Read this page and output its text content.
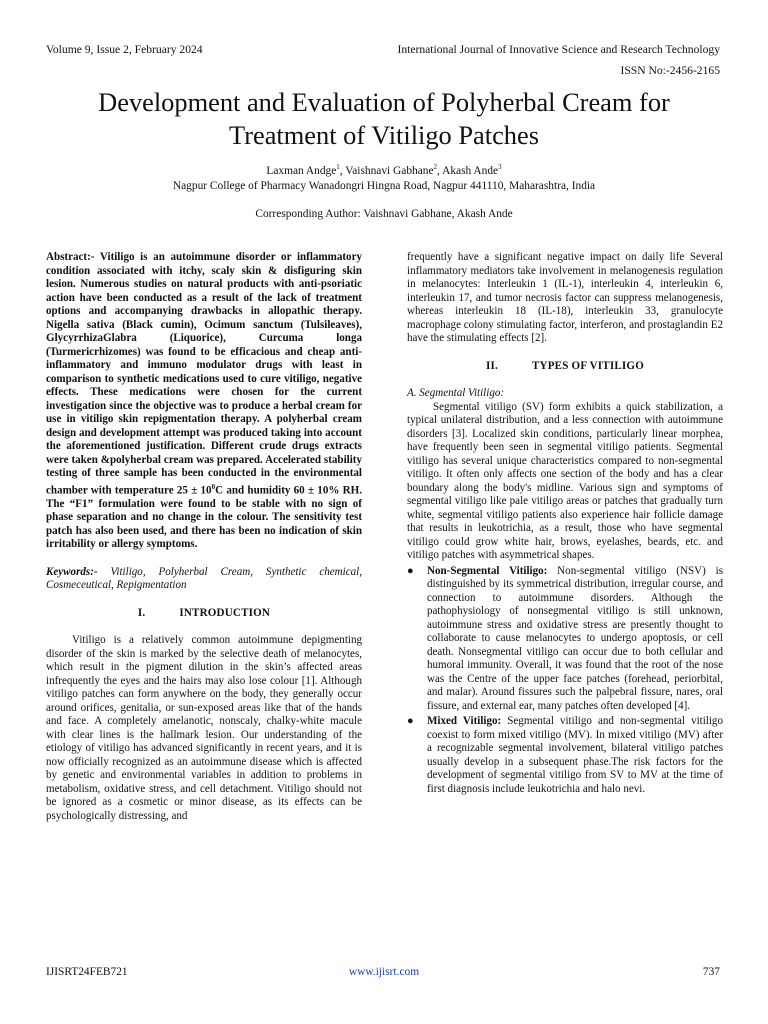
Volume 9, Issue 2, February 2024	International Journal of Innovative Science and Research Technology
ISSN No:-2456-2165
Development and Evaluation of Polyherbal Cream for
Treatment of Vitiligo Patches
Laxman Andge$^1$, Vaishnavi Gabhane$^2$, Akash Ande$^3$
Nagpur College of Pharmacy Wanadongri Hingna Road, Nagpur 441110, Maharashtra, India
Corresponding Author: Vaishnavi Gabhane, Akash Ande

Abstract:- Vitiligo is an autoimmune disorder or inflammatory condition associated with itchy, scaly skin & disfiguring skin lesion. Numerous studies on natural products with anti-psoriatic action have been conducted as a result of the lack of treatment options and accompanying drawbacks in allopathic therapy. Nigella sativa (Black cumin), Ocimum sanctum (Tulsileaves), GlycyrrhizaGlabra (Liquorice), Curcuma longa (Turmericrhizomes) was found to be efficacious and cheap anti-inflammatory and immuno modulator drugs with least in comparison to synthetic medications used to cure vitiligo, negative effects. These medications were chosen for the current investigation since the objective was to produce a herbal cream for use in vitiligo skin repigmentation therapy. A polyherbal cream design and development attempt was produced taking into account the aforementioned justification. Different crude drugs extracts were taken &polyherbal cream was prepared. Accelerated stability testing of three sample has been conducted in the environmental chamber with temperature $25 \pm 10^0C$ and humidity 60 ± 10% RH. The “F1” formulation were found to be stable with no sign of phase separation and no change in the colour. The sensitivity test patch has also been used, and there has been no indication of skin irritability or allergy symptoms.

Keywords:- Vitiligo, Polyherbal Cream, Synthetic chemical, Cosmeceutical, Repigmentation

I.	INTRODUCTION

Vitiligo is a relatively common autoimmune depigmenting disorder of the skin is marked by the selective death of melanocytes, which result in the pigment dilution in the skin’s affected areas infrequently the eyes and the hairs may also lose colour [1]. Although vitiligo patches can form anywhere on the body, they generally occur around orifices, genitalia, or sun-exposed areas like that of the hands and face. A completely amelanotic, nonscaly, chalky-white macule with clear lines is the hallmark lesion. Our understanding of the etiology of vitiligo has advanced significantly in recent years, and it is now officially recognized as an autoimmune disease which is affected by genetic and environmental variables in addition to problems in metabolism, oxidative stress, and cell detachment. Vitiligo should not be ignored as a cosmetic or minor disease, as its effects can be psychologically distressing, and

frequently have a significant negative impact on daily life Several inflammatory mediators take involvement in melanogenesis regulation in melanocytes: Interleukin 1 (IL-1), interleukin 4, interleukin 6, interleukin 17, and tumor necrosis factor can suppress melanogenesis, whereas interleukin 18 (IL-18), interleukin 33, granulocyte macrophage colony stimulating factor, interferon, and prostaglandin E2 have the stimulating effects [2].

II.	TYPES OF VITILIGO

A. Segmental Vitiligo:

Segmental vitiligo (SV) form exhibits a quick stabilization, a typical unilateral distribution, and a less connection with autoimmune disorders [3]. Localized skin conditions, particularly linear morphea, have frequently been seen in segmental vitiligo patients. Segmental vitiligo has several unique characteristics compared to non-segmental vitiligo. It often only affects one section of the body and has a clear boundary along the body's midline. Various sign and symptoms of segmental vitiligo like pale vitiligo areas or patches that gradually turn white, segmental vitiligo patients also experience hair follicle damage that results in leukotrichia, as a result, those who have segmental vitiligo could grow white hair, brows, eyelashes, beards, etc. and vitiligo patches with asymmetrical shapes.

● Non-Segmental Vitiligo: Non-segmental vitiligo (NSV) is distinguished by its symmetrical distribution, irregular course, and connection to autoimmune disorders. Although the pathophysiology of nonsegmental vitiligo is still unknown, autoimmune stress and oxidative stress are presently thought to collaborate to cause melanocytes to undergo apoptosis, or cell death. Nonsegmental vitiligo can occur due to both cellular and humoral immunity. Overall, it was found that the root of the nose was the Centre of the upper face patches (forehead, periorbital, and malar). Around fissures such the palpebral fissure, nares, oral fissure, and external ear, many patches often developed [4].
● Mixed Vitiligo: Segmental vitiligo and non-segmental vitiligo coexist to form mixed vitiligo (MV). In mixed vitiligo (MV) after a recognizable segmental involvement, bilateral vitiligo patches usually develop in a subsequent phase.The risk factors for the development of segmental vitiligo from SV to MV at the time of first diagnosis include leukotrichia and halo nevi.
IJISRT24FEB721	www.ijisrt.com	737
